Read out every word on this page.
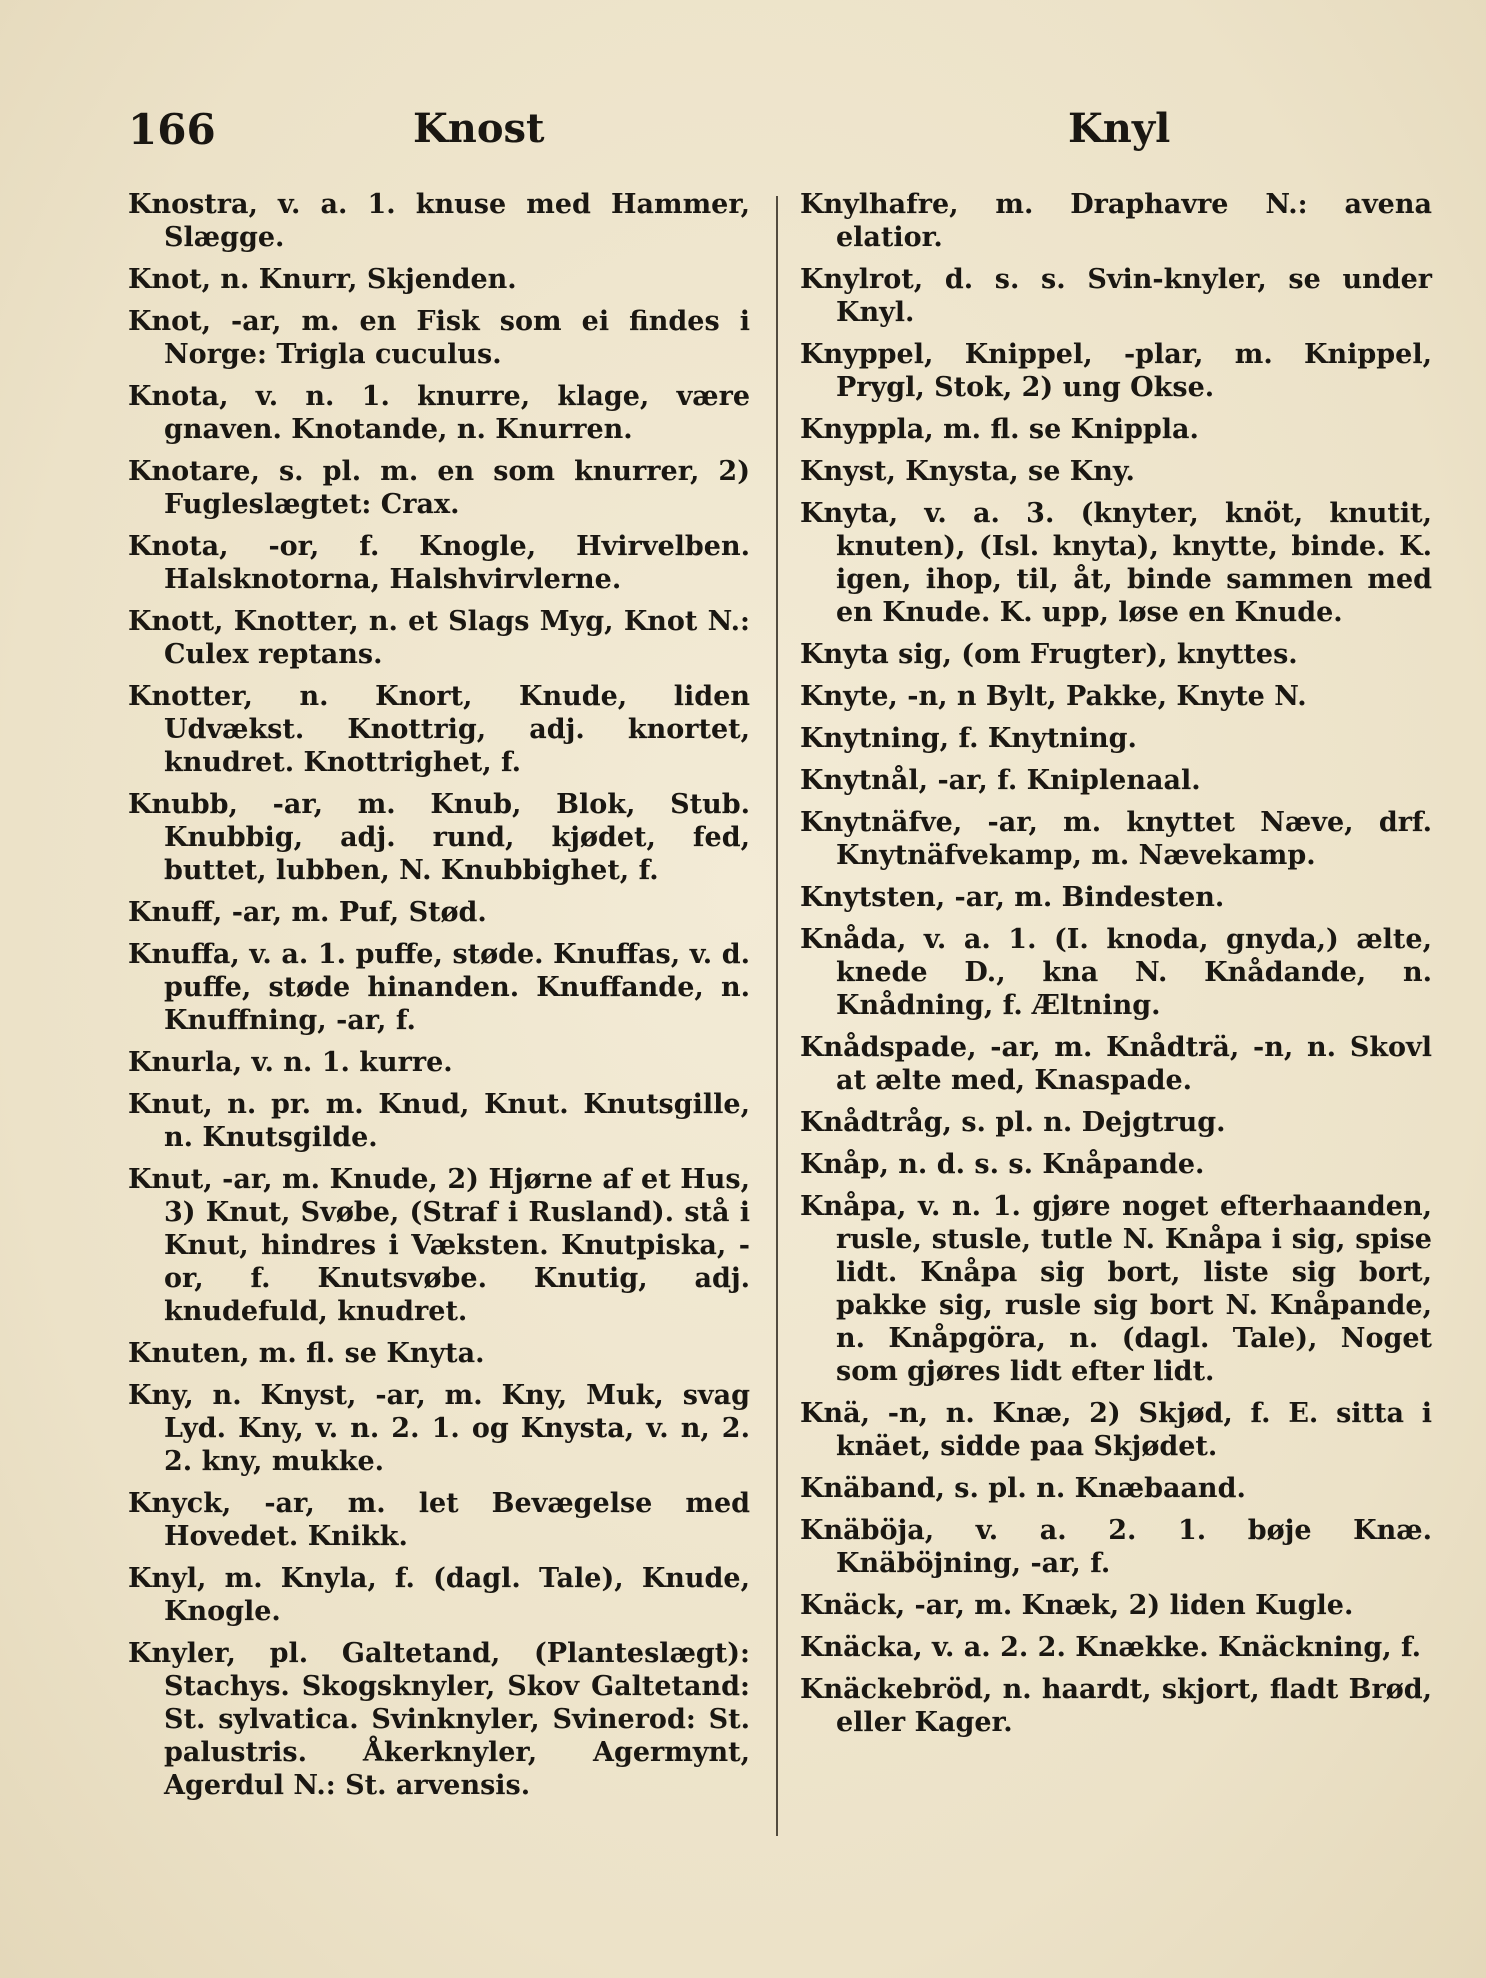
166	Knost	Knyl
Knostra, v. a. 1. knuse med Hammer, Slægge.
Knot, n. Knurr, Skjenden.
Knot, -ar, m. en Fisk som ei findes i Norge: Trigla cuculus.
Knota, v. n. 1. knurre, klage, være gnaven. Knotande, n. Knurren.
Knotare, s. pl. m. en som knurrer, 2) Fugleslægtet: Crax.
Knota, -or, f. Knogle, Hvirvelben. Halsknotorna, Halshvirvlerne.
Knott, Knotter, n. et Slags Myg, Knot N.: Culex reptans.
Knotter, n. Knort, Knude, liden Udvækst. Knottrig, adj. knortet, knudret. Knottrighet, f.
Knubb, -ar, m. Knub, Blok, Stub. Knubbig, adj. rund, kjødet, fed, buttet, lubben, N. Knubbighet, f.
Knuff, -ar, m. Puf, Stød.
Knuffa, v. a. 1. puffe, støde. Knuffas, v. d. puffe, støde hinanden. Knuffande, n. Knuffning, -ar, f.
Knurla, v. n. 1. kurre.
Knut, n. pr. m. Knud, Knut. Knutsgille, n. Knutsgilde.
Knut, -ar, m. Knude, 2) Hjørne af et Hus, 3) Knut, Svøbe, (Straf i Rusland). stå i Knut, hindres i Væksten. Knutpiska, -or, f. Knutsvøbe. Knutig, adj. knudefuld, knudret.
Knuten, m. fl. se Knyta.
Kny, n. Knyst, -ar, m. Kny, Muk, svag Lyd. Kny, v. n. 2. 1. og Knysta, v. n, 2. 2. kny, mukke.
Knyck, -ar, m. let Bevægelse med Hovedet. Knikk.
Knyl, m. Knyla, f. (dagl. Tale), Knude, Knogle.
Knyler, pl. Galtetand, (Planteslægt): Stachys. Skogsknyler, Skov Galtetand: St. sylvatica. Svinknyler, Svinerod: St. palustris. Åkerknyler, Agermynt, Agerdul N.: St. arvensis.
Knylhafre, m. Draphavre N.: avena elatior.
Knylrot, d. s. s. Svin-knyler, se under Knyl.
Knyppel, Knippel, -plar, m. Knippel, Prygl, Stok, 2) ung Okse.
Knyppla, m. fl. se Knippla.
Knyst, Knysta, se Kny.
Knyta, v. a. 3. (knyter, knöt, knutit, knuten), (Isl. knyta), knytte, binde. K. igen, ihop, til, åt, binde sammen med en Knude. K. upp, løse en Knude.
Knyta sig, (om Frugter), knyttes.
Knyte, -n, n Bylt, Pakke, Knyte N.
Knytning, f. Knytning.
Knytnål, -ar, f. Kniplenaal.
Knytnäfve, -ar, m. knyttet Næve, drf. Knytnäfvekamp, m. Nævekamp.
Knytsten, -ar, m. Bindesten.
Knåda, v. a. 1. (I. knoda, gnyda,) ælte, knede D., kna N. Knådande, n. Knådning, f. Æltning.
Knådspade, -ar, m. Knådträ, -n, n. Skovl at ælte med, Knaspade.
Knådtråg, s. pl. n. Dejgtrug.
Knåp, n. d. s. s. Knåpande.
Knåpa, v. n. 1. gjøre noget efterhaanden, rusle, stusle, tutle N. Knåpa i sig, spise lidt. Knåpa sig bort, liste sig bort, pakke sig, rusle sig bort N. Knåpande, n. Knåpgöra, n. (dagl. Tale), Noget som gjøres lidt efter lidt.
Knä, -n, n. Knæ, 2) Skjød, f. E. sitta i knäet, sidde paa Skjødet.
Knäband, s. pl. n. Knæbaand.
Knäböja, v. a. 2. 1. bøje Knæ. Knäböjning, -ar, f.
Knäck, -ar, m. Knæk, 2) liden Kugle.
Knäcka, v. a. 2. 2. Knække. Knäckning, f.
Knäckebröd, n. haardt, skjort, fladt Brød, eller Kager.
